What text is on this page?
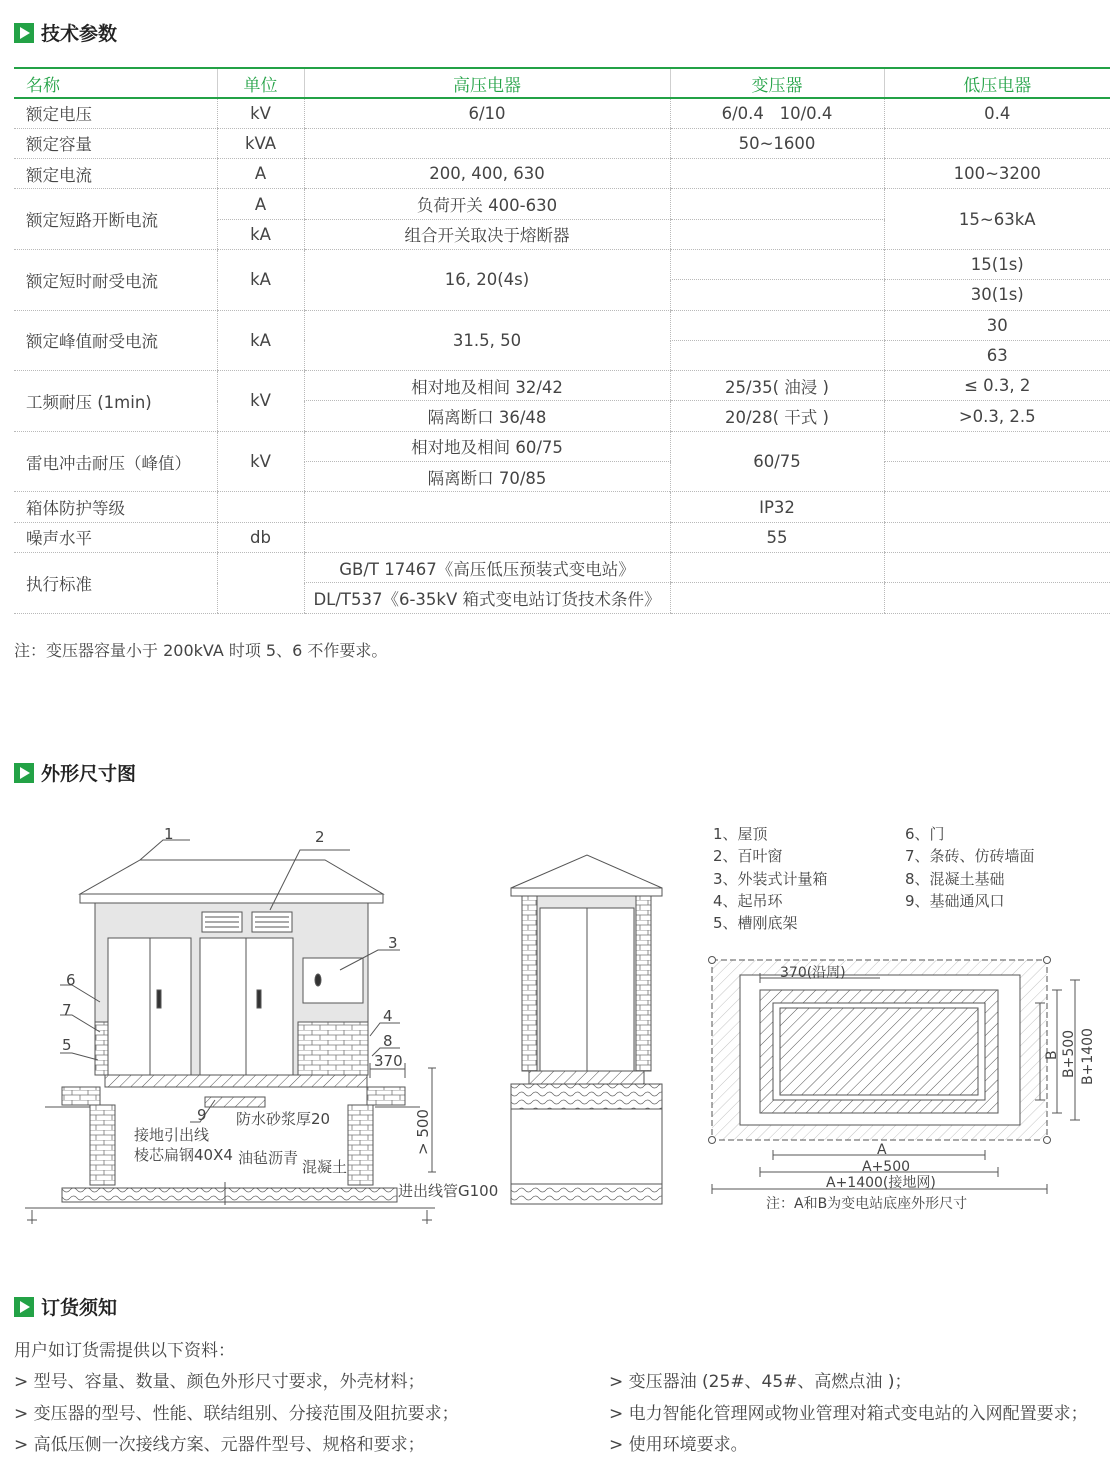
技术参数
名称	单位	高压电器	变压器	低压电器
额定电压	kV	6/10	6/0.4   10/0.4	0.4
额定容量	kVA		50~1600	
额定电流	A	200, 400, 630		100~3200
额定短路开断电流	A	负荷开关 400-630		15~63kA
	kA	组合开关取决于熔断器		
额定短时耐受电流	kA	16, 20(4s)		15(1s)
				30(1s)
额定峰值耐受电流	kA	31.5, 50		30
				63
工频耐压 (1min)	kV	相对地及相间 32/42	25/35( 油浸 )	≤ 0.3, 2
		隔离断口 36/48	20/28( 干式 )	>0.3, 2.5
雷电冲击耐压（峰值）	kV	相对地及相间 60/75	60/75	
		隔离断口 70/85		
箱体防护等级			IP32	
噪声水平	db		55	
执行标准		GB/T 17467《高压低压预装式变电站》		
		DL/T537《6-35kV 箱式变电站订货技术条件》		
注：变压器容量小于 200kVA 时项 5、6 不作要求。
外形尺寸图
1	2
3
4
5
6
7
8
9
370
> 500
防水砂浆厚20
接地引出线
棱芯扁钢40X4 油毡沥青 混凝土
进出线管G100
1、屋顶
2、百叶窗
3、外装式计量箱
4、起吊环
5、槽刚底架
6、门
7、条砖、仿砖墙面
8、混凝土基础
9、基础通风口
370(沿周)
A
A+500
A+1400(接地网)
B B+500 B+1400
注：A和B为变电站底座外形尺寸
订货须知
用户如订货需提供以下资料：
> 型号、容量、数量、颜色外形尺寸要求，外壳材料；
> 变压器的型号、性能、联结组别、分接范围及阻抗要求；
> 高低压侧一次接线方案、元器件型号、规格和要求；
> 变压器油 (25#、45#、高燃点油 )；
> 电力智能化管理网或物业管理对箱式变电站的入网配置要求；
> 使用环境要求。
